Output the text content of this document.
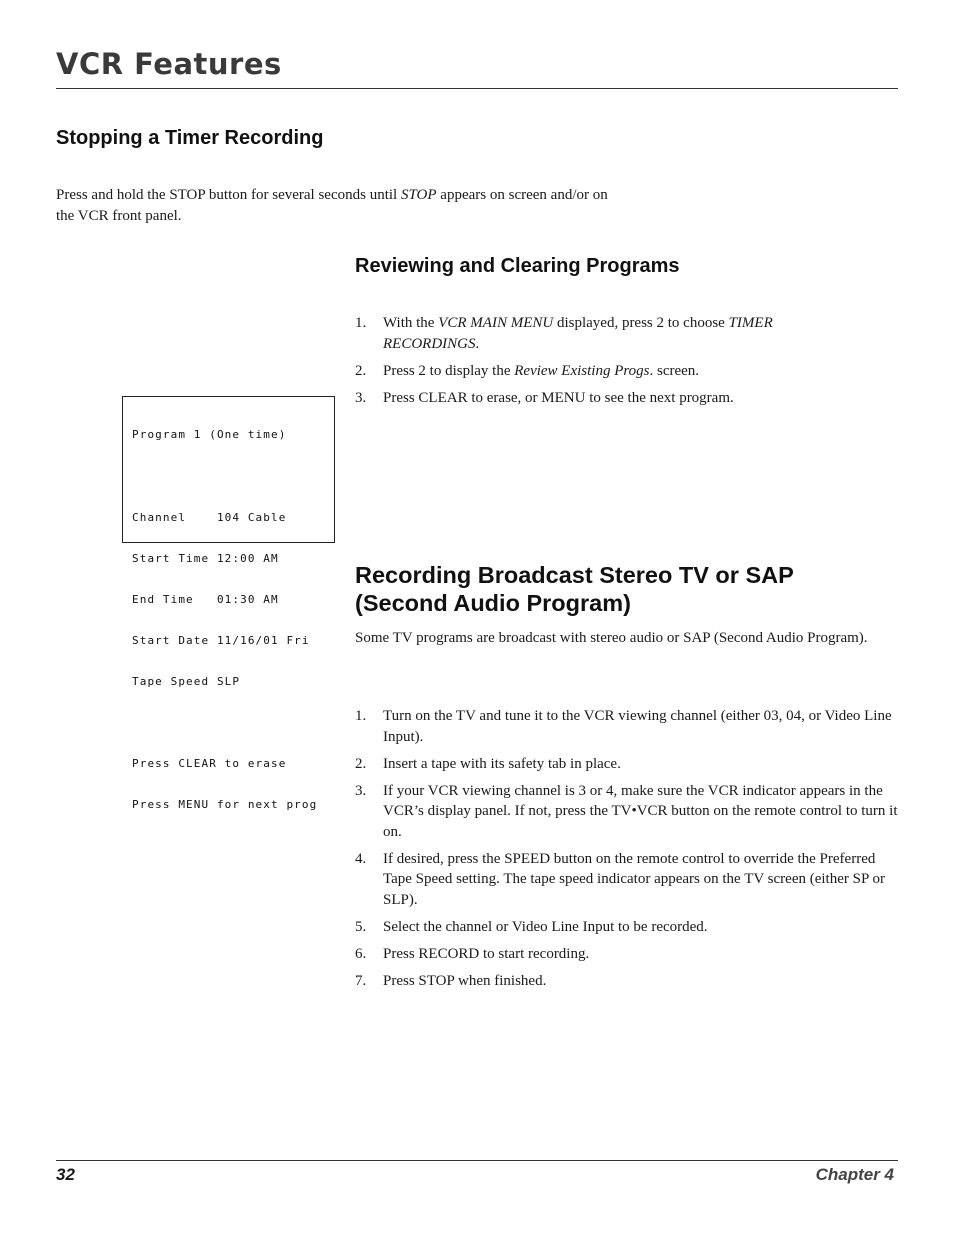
VCR Features
Stopping a Timer Recording

Press and hold the STOP button for several seconds until STOP appears on screen and/or on
the VCR front panel.

Reviewing and Clearing Programs
1. With the VCR MAIN MENU displayed, press 2 to choose TIMER RECORDINGS.
2. Press 2 to display the Review Existing Progs. screen.
3. Press CLEAR to erase, or MENU to see the next program.

Program 1 (One time)

Channel    104 Cable

Start Time 12:00 AM

End Time   01:30 AM

Start Date 11/16/01 Fri

Tape Speed SLP

Press CLEAR to erase

Press MENU for next prog

Recording Broadcast Stereo TV or SAP
(Second Audio Program)

Some TV programs are broadcast with stereo audio or SAP (Second Audio Program).

1. Turn on the TV and tune it to the VCR viewing channel (either 03, 04, or Video Line Input).
2. Insert a tape with its safety tab in place.
3. If your VCR viewing channel is 3 or 4, make sure the VCR indicator appears in the VCR’s display panel. If not, press the TV•VCR button on the remote control to turn it on.
4. If desired, press the SPEED button on the remote control to override the Preferred Tape Speed setting. The tape speed indicator appears on the TV screen (either SP or SLP).
5. Select the channel or Video Line Input to be recorded.
6. Press RECORD to start recording.
7. Press STOP when finished.
32	Chapter 4
